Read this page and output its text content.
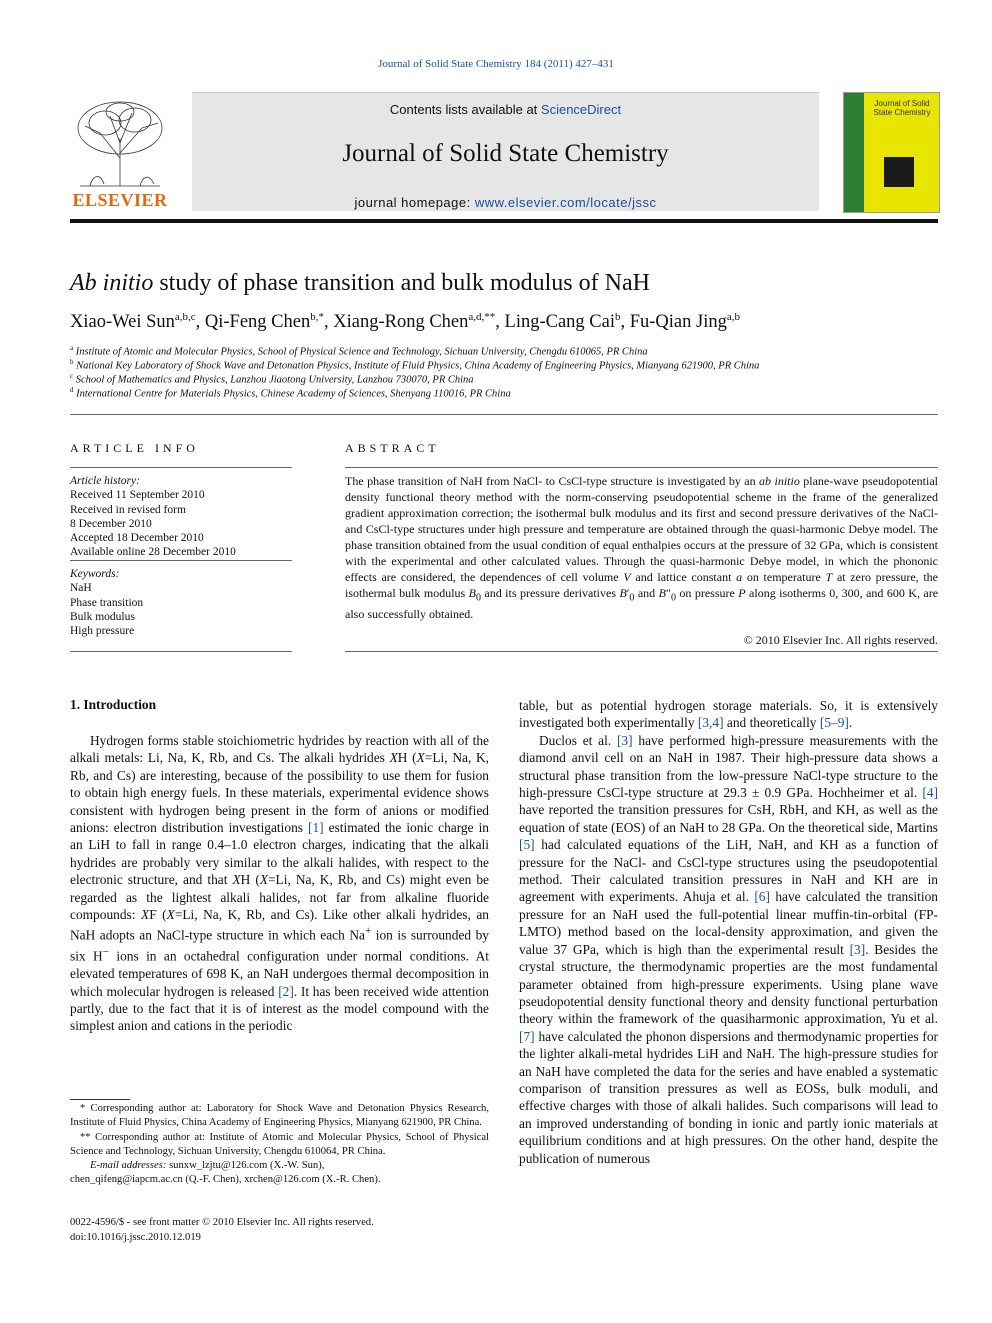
Journal of Solid State Chemistry 184 (2011) 427–431
ELSEVIER
Contents lists available at ScienceDirect
Journal of Solid State Chemistry
journal homepage: www.elsevier.com/locate/jssc
Journal of Solid State Chemistry
Ab initio study of phase transition and bulk modulus of NaH
Xiao-Wei Sun$^{a,b,c}$, Qi-Feng Chen$^{b,*}$, Xiang-Rong Chen$^{a,d,**}$, Ling-Cang Cai$^b$, Fu-Qian Jing$^{a,b}$
$^a$ Institute of Atomic and Molecular Physics, School of Physical Science and Technology, Sichuan University, Chengdu 610065, PR China
$^b$ National Key Laboratory of Shock Wave and Detonation Physics, Institute of Fluid Physics, China Academy of Engineering Physics, Mianyang 621900, PR China
$^c$ School of Mathematics and Physics, Lanzhou Jiaotong University, Lanzhou 730070, PR China
$^d$ International Centre for Materials Physics, Chinese Academy of Sciences, Shenyang 110016, PR China
ARTICLE INFO	ABSTRACT
Article history:
Received 11 September 2010
Received in revised form
8 December 2010
Accepted 18 December 2010
Available online 28 December 2010
Keywords:
NaH
Phase transition
Bulk modulus
High pressure
The phase transition of NaH from NaCl- to CsCl-type structure is investigated by an ab initio plane-wave pseudopotential density functional theory method with the norm-conserving pseudopotential scheme in the frame of the generalized gradient approximation correction; the isothermal bulk modulus and its first and second pressure derivatives of the NaCl- and CsCl-type structures under high pressure and temperature are obtained through the quasi-harmonic Debye model. The phase transition obtained from the usual condition of equal enthalpies occurs at the pressure of 32 GPa, which is consistent with the experimental and other calculated values. Through the quasi-harmonic Debye model, in which the phononic effects are considered, the dependences of cell volume V and lattice constant a on temperature T at zero pressure, the isothermal bulk modulus $B_0$ and its pressure derivatives $B'_0$ and $B''_0$ on pressure P along isotherms 0, 300, and 600 K, are also successfully obtained.
© 2010 Elsevier Inc. All rights reserved.
1. Introduction

Hydrogen forms stable stoichiometric hydrides by reaction with all of the alkali metals: Li, Na, K, Rb, and Cs. The alkali hydrides XH (X=Li, Na, K, Rb, and Cs) are interesting, because of the possibility to use them for fusion to obtain high energy fuels. In these materials, experimental evidence shows consistent with hydrogen being present in the form of anions or modified anions: electron distribution investigations [1] estimated the ionic charge in an LiH to fall in range 0.4–1.0 electron charges, indicating that the alkali hydrides are probably very similar to the alkali halides, with respect to the electronic structure, and that XH (X=Li, Na, K, Rb, and Cs) might even be regarded as the lightest alkali halides, not far from alkaline fluoride compounds: XF (X=Li, Na, K, Rb, and Cs). Like other alkali hydrides, an NaH adopts an NaCl-type structure in which each Na+ ion is surrounded by six H− ions in an octahedral configuration under normal conditions. At elevated temperatures of 698 K, an NaH undergoes thermal decomposition in which molecular hydrogen is released [2]. It has been received wide attention partly, due to the fact that it is of interest as the model compound with the simplest anion and cations in the periodic

table, but as potential hydrogen storage materials. So, it is extensively investigated both experimentally [3,4] and theoretically [5–9].

Duclos et al. [3] have performed high-pressure measurements with the diamond anvil cell on an NaH in 1987. Their high-pressure data shows a structural phase transition from the low-pressure NaCl-type structure to the high-pressure CsCl-type structure at 29.3 ± 0.9 GPa. Hochheimer et al. [4] have reported the transition pressures for CsH, RbH, and KH, as well as the equation of state (EOS) of an NaH to 28 GPa. On the theoretical side, Martins [5] had calculated equations of the LiH, NaH, and KH as a function of pressure for the NaCl- and CsCl-type structures using the pseudopotential method. Their calculated transition pressures in NaH and KH are in agreement with experiments. Ahuja et al. [6] have calculated the transition pressure for an NaH used the full-potential linear muffin-tin-orbital (FP-LMTO) method based on the local-density approximation, and given the value 37 GPa, which is high than the experimental result [3]. Besides the crystal structure, the thermodynamic properties are the most fundamental parameter obtained from high-pressure experiments. Using plane wave pseudopotential density functional theory and density functional perturbation theory within the framework of the quasiharmonic approximation, Yu et al. [7] have calculated the phonon dispersions and thermodynamic properties for the lighter alkali-metal hydrides LiH and NaH. The high-pressure studies for an NaH have completed the data for the series and have enabled a systematic comparison of transition pressures as well as EOSs, bulk moduli, and effective charges with those of alkali halides. Such comparisons will lead to an improved understanding of bonding in ionic and partly ionic materials at equilibrium conditions and at high pressures. On the other hand, despite the publication of numerous

* Corresponding author at: Laboratory for Shock Wave and Detonation Physics Research, Institute of Fluid Physics, China Academy of Engineering Physics, Mianyang 621900, PR China.

** Corresponding author at: Institute of Atomic and Molecular Physics, School of Physical Science and Technology, Sichuan University, Chengdu 610064, PR China.

E-mail addresses: sunxw_lzjtu@126.com (X.-W. Sun),
chen_qifeng@iapcm.ac.cn (Q.-F. Chen), xrchen@126.com (X.-R. Chen).

0022-4596/$ - see front matter © 2010 Elsevier Inc. All rights reserved.
doi:10.1016/j.jssc.2010.12.019
